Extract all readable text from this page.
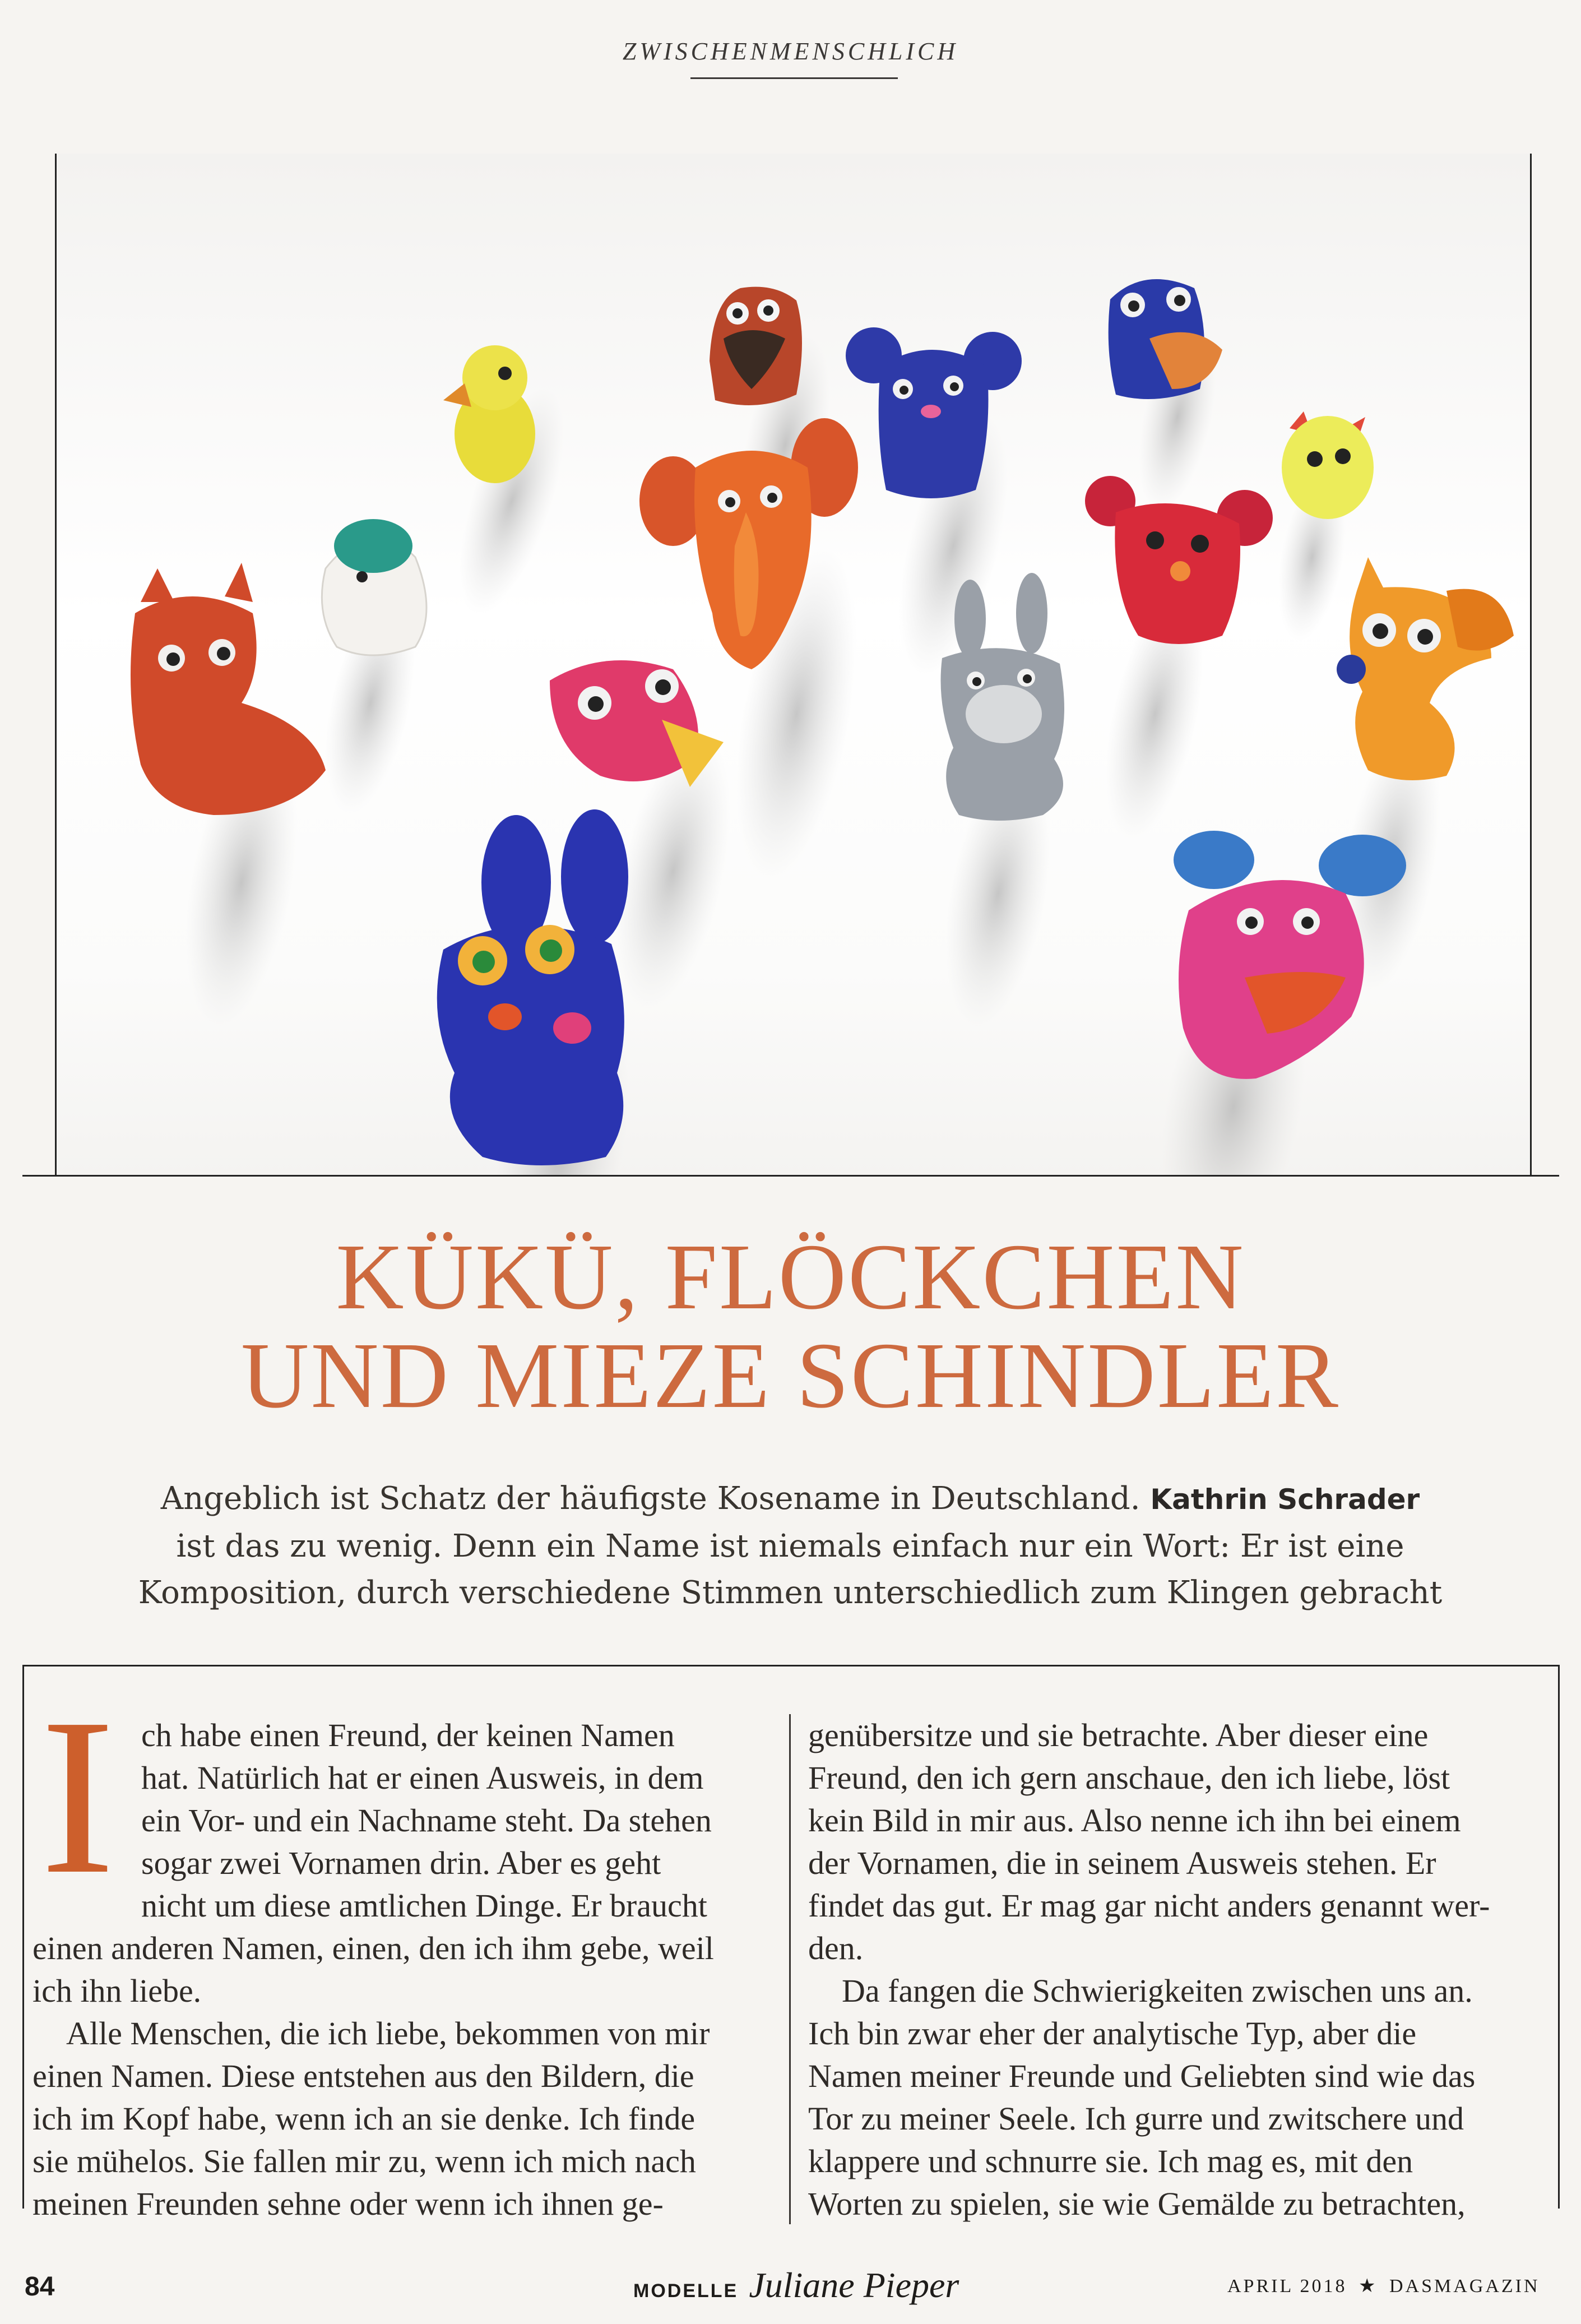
ZWISCHENMENSCHLICH
KÜKÜ, FLÖCKCHEN
UND MIEZE SCHINDLER
Angeblich ist Schatz der häufigste Kosename in Deutschland. Kathrin Schrader
ist das zu wenig. Denn ein Name ist niemals einfach nur ein Wort: Er ist eine
Komposition, durch verschiedene Stimmen unterschiedlich zum Klingen gebracht
I ch habe einen Freund, der keinen Namen
hat. Natürlich hat er einen Ausweis, in dem
ein Vor- und ein Nachname steht. Da stehen
sogar zwei Vornamen drin. Aber es geht
nicht um diese amtlichen Dinge. Er braucht
einen anderen Namen, einen, den ich ihm gebe, weil
ich ihn liebe.
Alle Menschen, die ich liebe, bekommen von mir
einen Namen. Diese entstehen aus den Bildern, die
ich im Kopf habe, wenn ich an sie denke. Ich finde
sie mühelos. Sie fallen mir zu, wenn ich mich nach
meinen Freunden sehne oder wenn ich ihnen ge-
genübersitze und sie betrachte. Aber dieser eine
Freund, den ich gern anschaue, den ich liebe, löst
kein Bild in mir aus. Also nenne ich ihn bei einem
der Vornamen, die in seinem Ausweis stehen. Er
findet das gut. Er mag gar nicht anders genannt wer-
den.
Da fangen die Schwierigkeiten zwischen uns an.
Ich bin zwar eher der analytische Typ, aber die
Namen meiner Freunde und Geliebten sind wie das
Tor zu meiner Seele. Ich gurre und zwitschere und
klappere und schnurre sie. Ich mag es, mit den
Worten zu spielen, sie wie Gemälde zu betrachten,
84	MODELLE Juliane Pieper	APRIL 2018 ★ DASMAGAZIN
